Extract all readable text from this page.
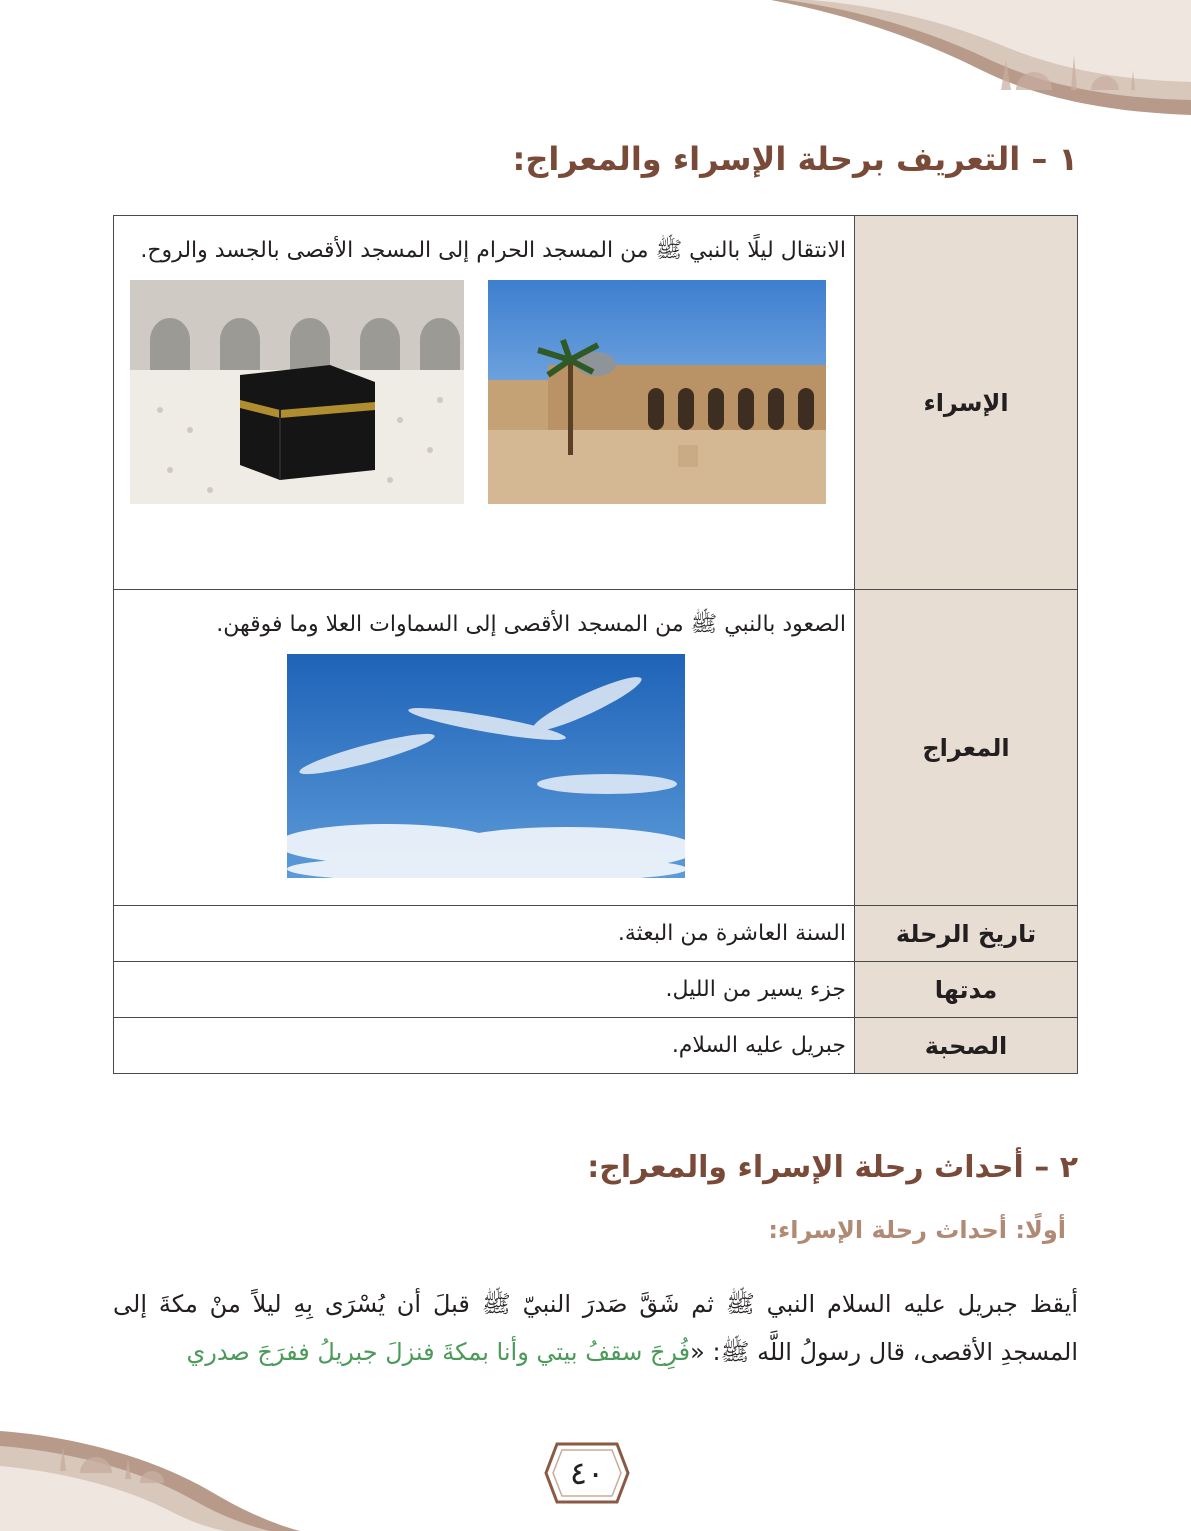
١ – التعريف برحلة الإسراء والمعراج:
الإسراء	الانتقال ليلًا بالنبي ﷺ من المسجد الحرام إلى المسجد الأقصى بالجسد والروح.

المعراج	الصعود بالنبي ﷺ من المسجد الأقصى إلى السماوات العلا وما فوقهن.

تاريخ الرحلة	السنة العاشرة من البعثة.
مدتها	جزء يسير من الليل.
الصحبة	جبريل عليه السلام.
٢ – أحداث رحلة الإسراء والمعراج:
أولًا: أحداث رحلة الإسراء:
أيقظ جبريل عليه السلام النبي ﷺ ثم شَقَّ صَدرَ النبيّ ﷺ قبلَ أن يُسْرَى بِهِ ليلاً منْ مكةَ إلى المسجدِ الأقصى، قال رسولُ اللَّه ﷺ: «فُرِجَ سقفُ بيتي وأنا بمكةَ فنزلَ جبريلُ ففرَجَ صدري
٤٠
